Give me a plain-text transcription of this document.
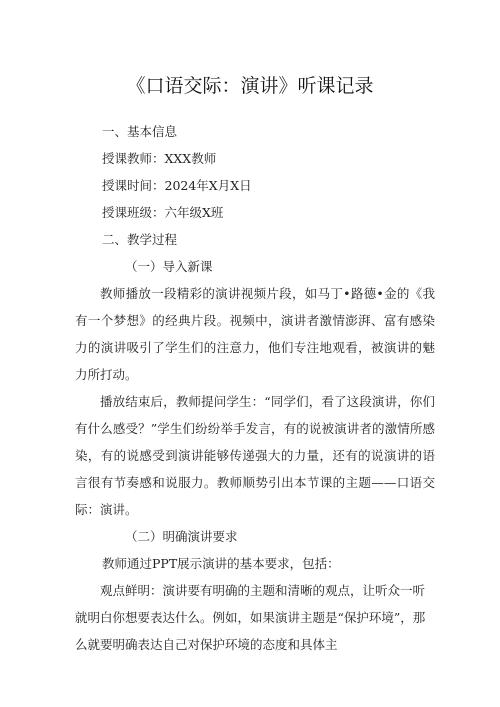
《口语交际：演讲》听课记录
一、基本信息
授课教师：XXX教师
授课时间：2024年X月X日
授课班级：六年级X班
二、教学过程
（一）导入新课
教师播放一段精彩的演讲视频片段，如马丁•路德•金的《我有一个梦想》的经典片段。视频中，演讲者激情澎湃、富有感染力的演讲吸引了学生们的注意力，他们专注地观看，被演讲的魅力所打动。
播放结束后，教师提问学生：“同学们，看了这段演讲，你们有什么感受？”学生们纷纷举手发言，有的说被演讲者的激情所感染，有的说感受到演讲能够传递强大的力量，还有的说演讲的语言很有节奏感和说服力。教师顺势引出本节课的主题——口语交际：演讲。
（二）明确演讲要求
教师通过PPT展示演讲的基本要求，包括：
观点鲜明：演讲要有明确的主题和清晰的观点，让听众一听就明白你想要表达什么。例如，如果演讲主题是“保护环境”，那么就要明确表达自己对保护环境的态度和具体主
